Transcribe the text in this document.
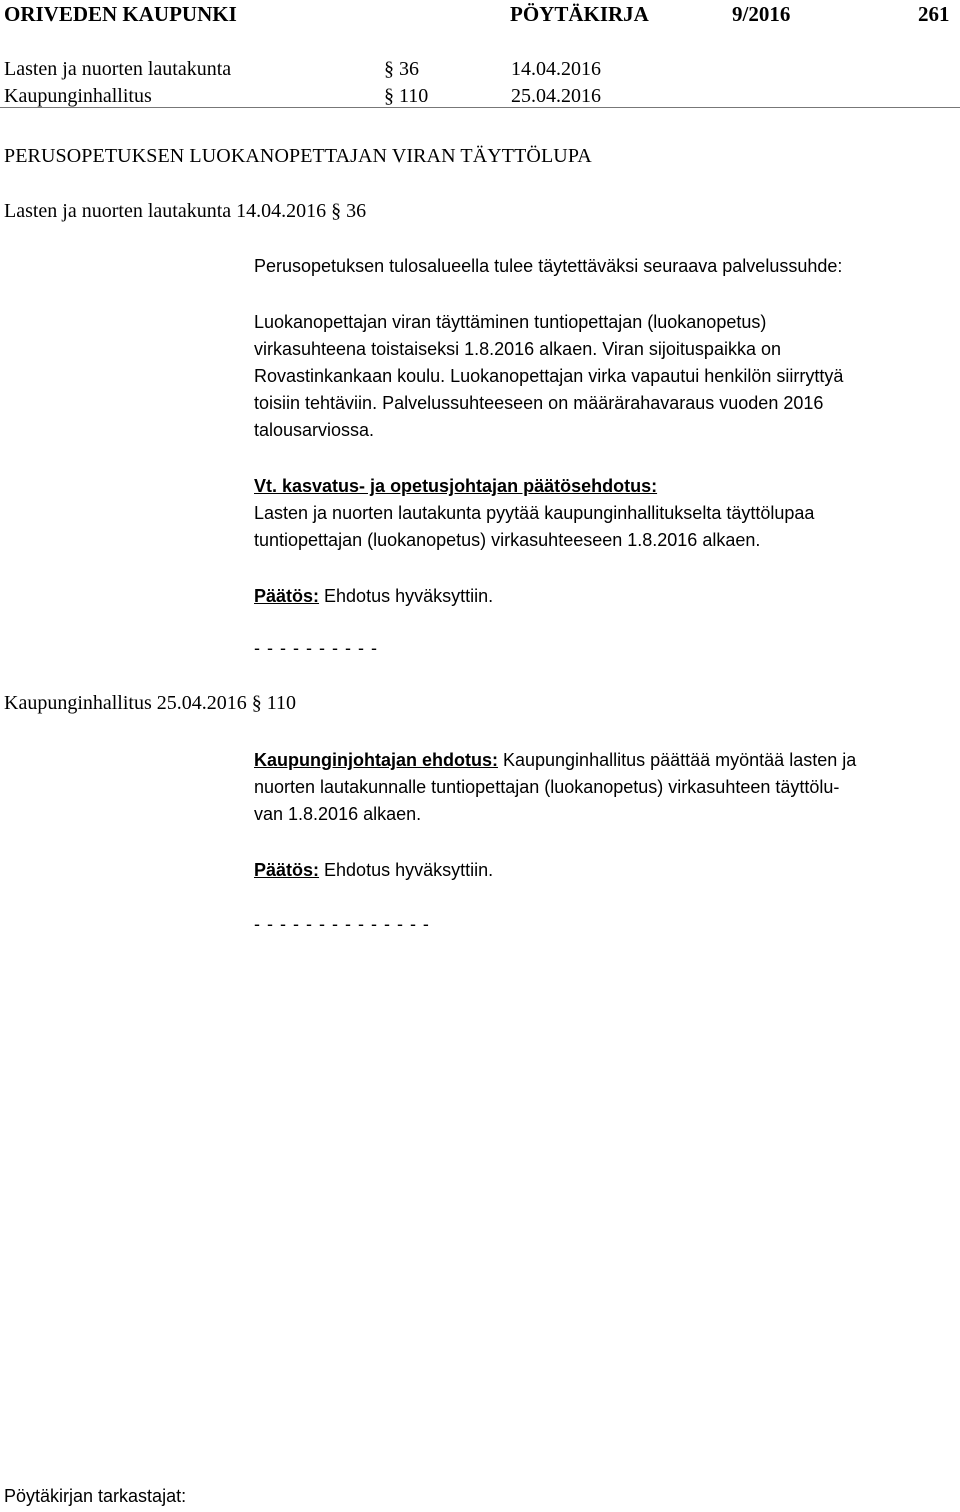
ORIVEDEN KAUPUNKI	PÖYTÄKIRJA	9/2016	261
Lasten ja nuorten lautakunta	§ 36	14.04.2016
Kaupunginhallitus	§ 110	25.04.2016
PERUSOPETUKSEN LUOKANOPETTAJAN VIRAN TÄYTTÖLUPA
Lasten ja nuorten lautakunta 14.04.2016 § 36
Perusopetuksen tulosalueella tulee täytettäväksi seuraava palvelussuhde:
Luokanopettajan viran täyttäminen tuntiopettajan (luokanopetus)
virkasuhteena toistaiseksi 1.8.2016 alkaen. Viran sijoituspaikka on
Rovastinkankaan koulu. Luokanopettajan virka vapautui henkilön siirryttyä
toisiin tehtäviin. Palvelussuhteeseen on määrärahavaraus vuoden 2016
talousarviossa.
Vt. kasvatus- ja opetusjohtajan päätösehdotus:
Lasten ja nuorten lautakunta pyytää kaupunginhallitukselta täyttölupaa
tuntiopettajan (luokanopetus) virkasuhteeseen 1.8.2016 alkaen.
Päätös: Ehdotus hyväksyttiin.
- - - - - - - - - -
Kaupunginhallitus 25.04.2016 § 110
Kaupunginjohtajan ehdotus: Kaupunginhallitus päättää myöntää lasten ja
nuorten lautakunnalle tuntiopettajan (luokanopetus) virkasuhteen täyttölu-
van 1.8.2016 alkaen.
Päätös: Ehdotus hyväksyttiin.
- - - - - - - - - - - - - -
Pöytäkirjan tarkastajat:
